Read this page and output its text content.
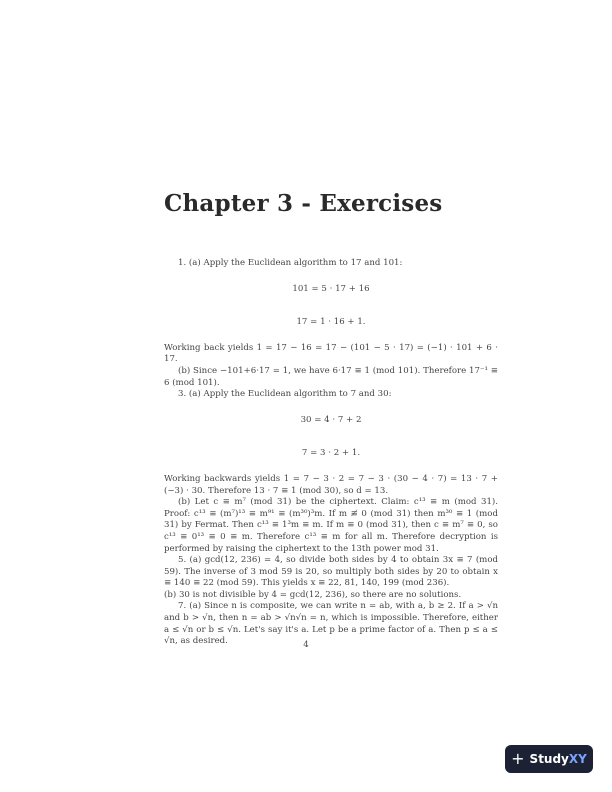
Chapter 3 - Exercises

1. (a) Apply the Euclidean algorithm to 17 and 101:

101 = 5 · 17 + 16

17 = 1 · 16 + 1.

Working back yields 1 = 17 − 16 = 17 − (101 − 5 · 17) = (−1) · 101 + 6 · 17.

(b) Since −101+6·17 = 1, we have 6·17 ≡ 1 (mod 101). Therefore 17⁻¹ ≡ 6 (mod 101).

3. (a) Apply the Euclidean algorithm to 7 and 30:

30 = 4 · 7 + 2

7 = 3 · 2 + 1.

Working backwards yields 1 = 7 − 3 · 2 = 7 − 3 · (30 − 4 · 7) = 13 · 7 + (−3) · 30. Therefore 13 · 7 ≡ 1 (mod 30), so d = 13.

(b) Let c ≡ m⁷ (mod 31) be the ciphertext. Claim: c¹³ ≡ m (mod 31). Proof: c¹³ ≡ (m⁷)¹³ ≡ m⁹¹ ≡ (m³⁰)³m. If m ≢ 0 (mod 31) then m³⁰ ≡ 1 (mod 31) by Fermat. Then c¹³ ≡ 1³m ≡ m. If m ≡ 0 (mod 31), then c ≡ m⁷ ≡ 0, so c¹³ ≡ 0¹³ ≡ 0 ≡ m. Therefore c¹³ ≡ m for all m. Therefore decryption is performed by raising the ciphertext to the 13th power mod 31.

5. (a) gcd(12, 236) = 4, so divide both sides by 4 to obtain 3x ≡ 7 (mod 59). The inverse of 3 mod 59 is 20, so multiply both sides by 20 to obtain x ≡ 140 ≡ 22 (mod 59). This yields x ≡ 22, 81, 140, 199 (mod 236).

(b) 30 is not divisible by 4 = gcd(12, 236), so there are no solutions.

7. (a) Since n is composite, we can write n = ab, with a, b ≥ 2. If a > √n and b > √n, then n = ab > √n√n = n, which is impossible. Therefore, either a ≤ √n or b ≤ √n. Let's say it's a. Let p be a prime factor of a. Then p ≤ a ≤ √n, as desired.	4
+ StudyXY
